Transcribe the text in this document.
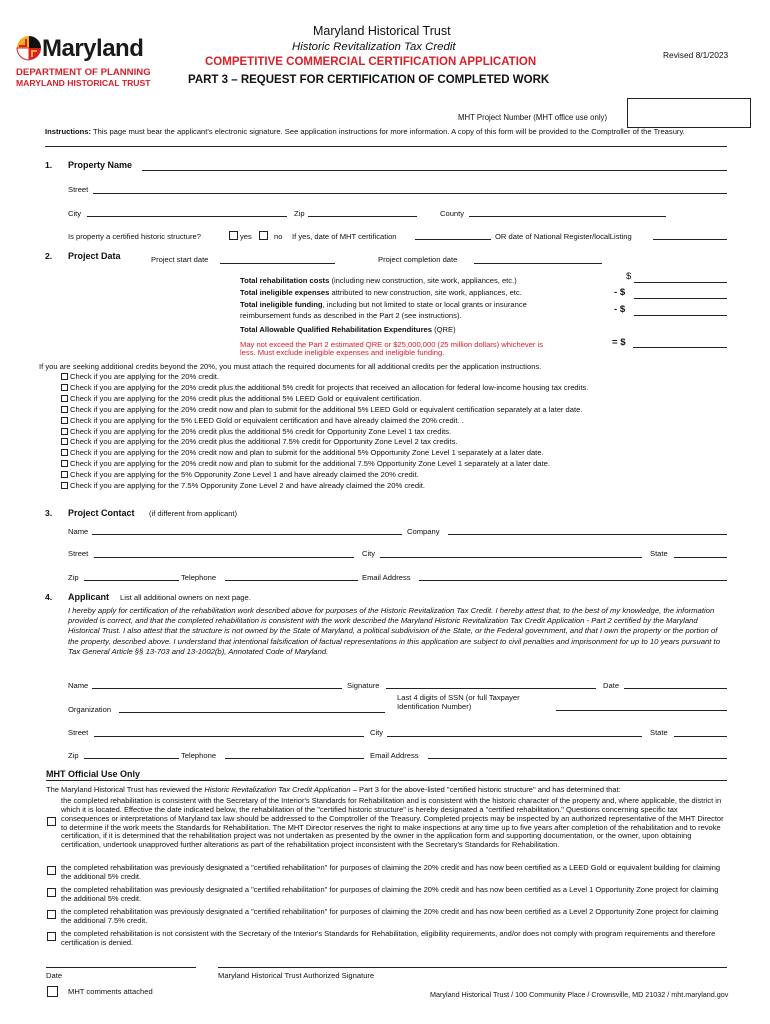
Maryland
DEPARTMENT OF PLANNING
MARYLAND HISTORICAL TRUST
Maryland Historical Trust
Historic Revitalization Tax Credit
Revised 8/1/2023
COMPETITIVE COMMERCIAL CERTIFICATION APPLICATION
PART 3 – REQUEST FOR CERTIFICATION OF COMPLETED WORK
MHT Project Number (MHT office use only)
Instructions: This page must bear the applicant's electronic signature. See application instructions for more information. A copy of this form will be provided to the Comptroller of the Treasury.
1. Property Name
Street
City	Zip	County
Is property a certified historic structure?	yes	no If yes, date of MHT certification	OR date of National Register/localListing
2. Project Data	Project start date	Project completion date
Total rehabilitation costs (including new construction, site work, appliances, etc.)	$
Total ineligible expenses attributed to new construction, site work, appliances, etc.	- $
Total ineligible funding, including but not limited to state or local grants or insurance
reimbursement funds as described in the Part 2 (see instructions).
- $
Total Allowable Qualified Rehabilitation Expenditures (QRE)
May not exceed the Part 2 estimated QRE or $25,000,000 (25 million dollars) whichever is
less. Must exclude ineligible expenses and ineligible funding.
= $
If you are seeking additional credits beyond the 20%, you must attach the required documents for all additional credits per the application instructions.
Check if you are applying for the 20% credit.
Check if you are applying for the 20% credit plus the additional 5% credit for projects that received an allocation for federal low-income housing tax credits.
Check if you are applying for the 20% credit plus the additional 5% LEED Gold or equivalent certification.
Check if you are applying for the 20% credit now and plan to submit for the additional 5% LEED Gold or equivalent certification separately at a later date.
Check if you are applying for the 5% LEED Gold or equivalent certification and have already claimed the 20% credit. .
Check if you are applying for the 20% credit plus the additional 5% credit for Opportunity Zone Level 1 tax credits.
Check if you are applying for the 20% credit plus the additional 7.5% credit for Opportunity Zone Level 2 tax credits.
Check if you are applying for the 20% credit now and plan to submit for the additional 5% Opportunity Zone Level 1 separately at a later date.
Check if you are applying for the 20% credit now and plan to submit for the additional 7.5% Opportunity Zone Level 1 separately at a later date.
Check if you are applying for the 5% Opporunity Zone Level 1 and have already claimed the 20% credit.
Check if you are applying for the 7.5% Opporunity Zone Level 2 and have already claimed the 20% credit.
3. Project Contact (if different from applicant)
Name	Company
Street	City	State
Zip	Telephone	Email Address
4. Applicant List all additional owners on next page.
I hereby apply for certification of the rehabilitation work described above for purposes of the Historic Revitalization Tax Credit. I hereby attest that, to the best of my knowledge, the information provided is correct, and that the completed rehabilitation is consistent with the work described the Maryland Historic Revitalization Tax Credit Application - Part 2 certified by the Maryland Historical Trust. I also attest that the structure is not owned by the State of Maryland, a political subdivision of the State, or the Federal government, and that I own the property or the portion of the property, described above. I understand that intentional falsification of factual representations in this application are subject to civil penalties and imprisonment for up to 10 years pursuant to Tax General Article §§ 13-703 and 13-1002(b), Annotated Code of Maryland.
Name	Signature	Date
Last 4 digits of SSN (or full Taxpayer
Identification Number)
Organization
Street	City	State
Zip	Telephone	Email Address
MHT Official Use Only
The Maryland Historical Trust has reviewed the Historic Revitalization Tax Credit Application – Part 3 for the above-listed "certified historic structure" and has determined that:
the completed rehabilitation is consistent with the Secretary of the Interior's Standards for Rehabilitation and is consistent with the historic character of the property and, where applicable, the district in which it is located. Effective the date indicated below, the rehabilitation of the "certified historic structure" is hereby designated a "certified rehabilitation." Questions concerning specific tax consequences or interpretations of Maryland tax law should be addressed to the Comptroller of the Treasury. Completed projects may be inspected by an authorized representative of the MHT Director to determine if the work meets the Standards for Rehabilitation. The MHT Director reserves the right to make inspections at any time up to five years after completion of the rehabilitation and to revoke certification, if it is determined that the rehabilitation project was not undertaken as presented by the owner in the application form and supporting documentation, or the owner, upon obtaining certification, undertook unapproved further alterations as part of the rehabilitation project inconsistent with the Secretary's Standards for Rehabilitation.
the completed rehabilitation was previously designated a "certified rehabilitation" for purposes of claiming the 20% credit and has now been certified as a LEED Gold or equivalent building for claiming the additional 5% credit.
the completed rehabilitation was previously designated a "certified rehabilitation" for purposes of claiming the 20% credit and has now been certified as a Level 1 Opportunity Zone project for claiming the additional 5% credit.
the completed rehabilitation was previously designated a "certified rehabilitation" for purposes of claiming the 20% credit and has now been certified as a Level 2 Opportunity Zone project for claiming the additional 7.5% credit.
the completed rehabilitation is not consistent with the Secretary of the Interior's Standards for Rehabilitation, eligibility requirements, and/or does not comply with program requirements and therefore certification is denied.
Date	Maryland Historical Trust Authorized Signature
MHT comments attached	Maryland Historical Trust / 100 Community Place / Crownsville, MD 21032 / mht.maryland.gov
